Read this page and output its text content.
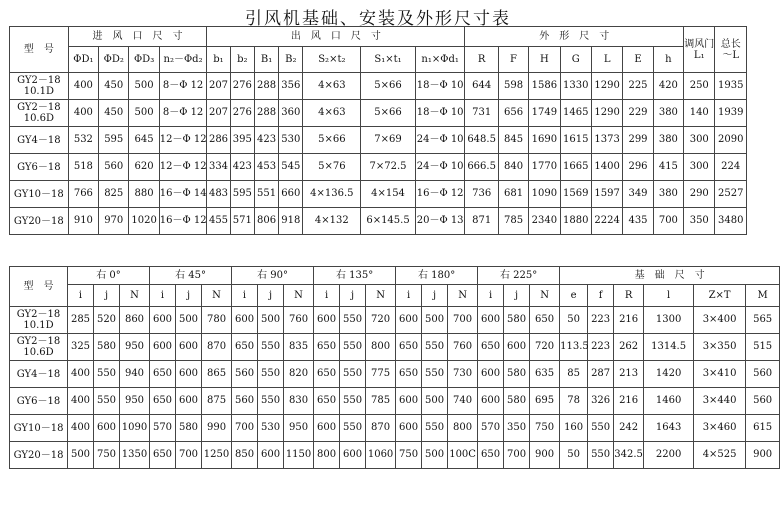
引风机基础、安装及外形尺寸表
型　号	进　风　口　尺　寸				出　风　口　尺　寸							外　形　尺　寸							调风门 L₁	总长 ～L
	ΦD₁	ΦD₂	ΦD₃	n₂－Φd₂	b₁	b₂	B₁	B₂	S₂×t₂	S₁×t₁	n₁×Φd₁	R	F	H	G	L	E	h		
GY2－18 10.1D	400	450	500	8－Φ 12	207	276	288	356	4×63	5×66	18－Φ 10	644	598	1586	1330	1290	225	420	250	1935
GY2－18 10.6D	400	450	500	8－Φ 12	207	276	288	360	4×63	5×66	18－Φ 10	731	656	1749	1465	1290	229	380	140	1939
GY4－18	532	595	645	12－Φ 12	286	395	423	530	5×66	7×69	24－Φ 10	648.5	845	1690	1615	1373	299	380	300	2090
GY6－18	518	560	620	12－Φ 12	334	423	453	545	5×76	7×72.5	24－Φ 10	666.5	840	1770	1665	1400	296	415	300	224
GY10－18	766	825	880	16－Φ 14	483	595	551	660	4×136.5	4×154	16－Φ 12	736	681	1090	1569	1597	349	380	290	2527
GY20－18	910	970	1020	16－Φ 12	455	571	806	918	4×132	6×145.5	20－Φ 13	871	785	2340	1880	2224	435	700	350	3480
型　号	右 0°			右 45°			右 90°			右 135°			右 180°			右 225°			基　础　尺　寸					
	i	j	N	i	j	N	i	j	N	i	j	N	i	j	N	i	j	N	e	f	R	l	Z×T	M
GY2－18 10.1D	285	520	860	600	500	780	600	500	760	600	550	720	600	500	700	600	580	650	50	223	216	1300	3×400	565
GY2－18 10.6D	325	580	950	600	600	870	650	550	835	650	550	800	650	550	760	650	600	720	113.5	223	262	1314.5	3×350	515
GY4－18	400	550	940	650	600	865	560	550	820	650	550	775	650	550	730	600	580	635	85	287	213	1420	3×410	560
GY6－18	400	550	950	650	600	875	560	550	830	650	550	785	600	500	740	600	580	695	78	326	216	1460	3×440	560
GY10－18	400	600	1090	570	580	990	700	530	950	600	550	870	600	550	800	570	350	750	160	550	242	1643	3×460	615
GY20－18	500	750	1350	650	700	1250	850	600	1150	800	600	1060	750	500	100C	650	700	900	50	550	342.5	2200	4×525	900
